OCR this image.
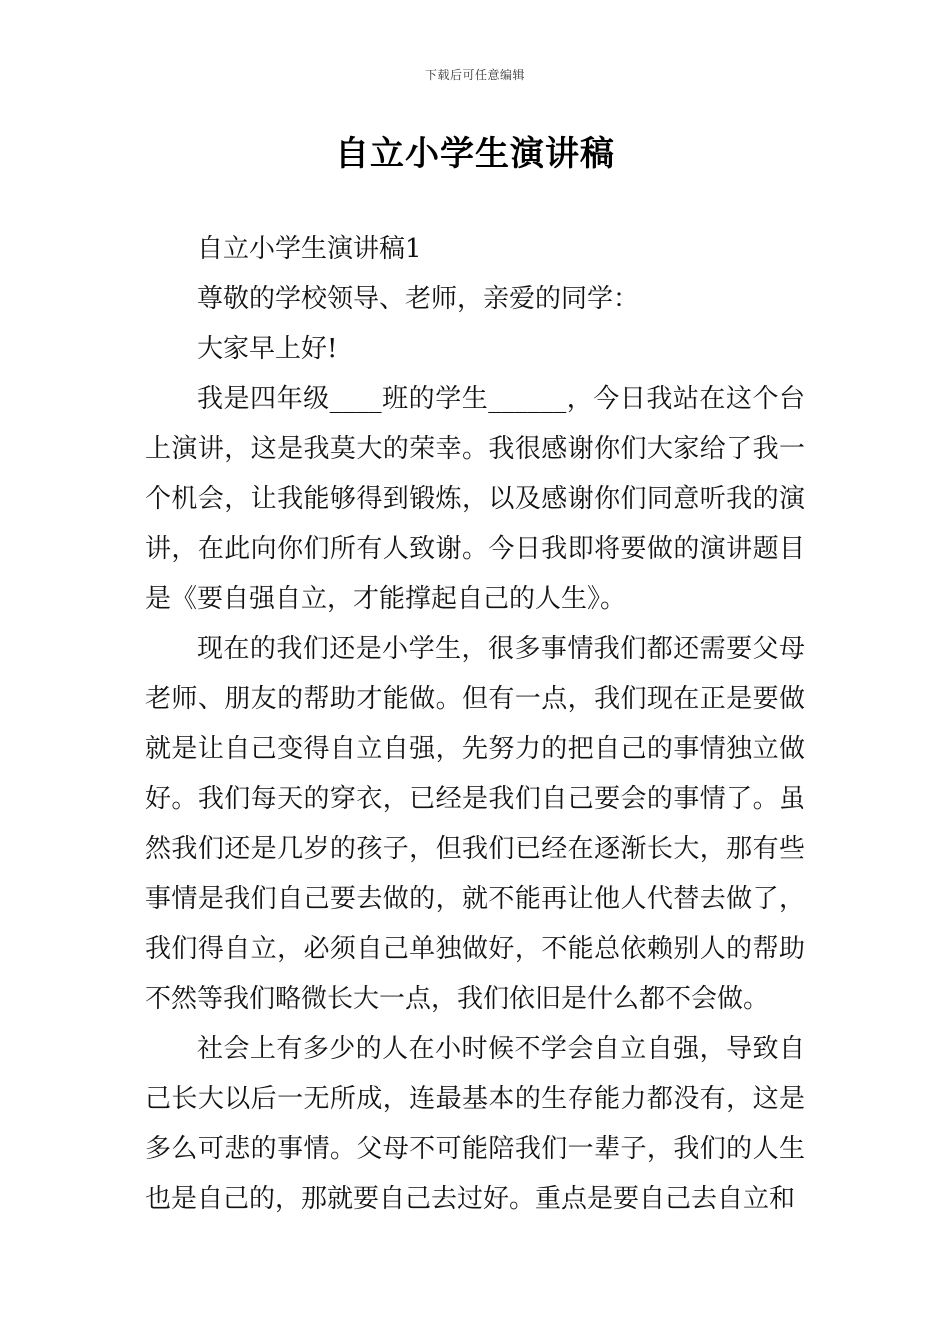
下载后可任意编辑
自立小学生演讲稿

自立小学生演讲稿1

尊敬的学校领导、老师，亲爱的同学：

大家早上好!

我是四年级____班的学生______，今日我站在这个台上演讲，这是我莫大的荣幸。我很感谢你们大家给了我一个机会，让我能够得到锻炼，以及感谢你们同意听我的演讲，在此向你们所有人致谢。今日我即将要做的演讲题目是《要自强自立，才能撑起自己的人生》。

现在的我们还是小学生，很多事情我们都还需要父母老师、朋友的帮助才能做。但有一点，我们现在正是要做就是让自己变得自立自强，先努力的把自己的事情独立做好。我们每天的穿衣，已经是我们自己要会的事情了。虽然我们还是几岁的孩子，但我们已经在逐渐长大，那有些事情是我们自己要去做的，就不能再让他人代替去做了，我们得自立，必须自己单独做好，不能总依赖别人的帮助不然等我们略微长大一点，我们依旧是什么都不会做。

社会上有多少的人在小时候不学会自立自强，导致自己长大以后一无所成，连最基本的生存能力都没有，这是多么可悲的事情。父母不可能陪我们一辈子，我们的人生也是自己的，那就要自己去过好。重点是要自己去自立和
